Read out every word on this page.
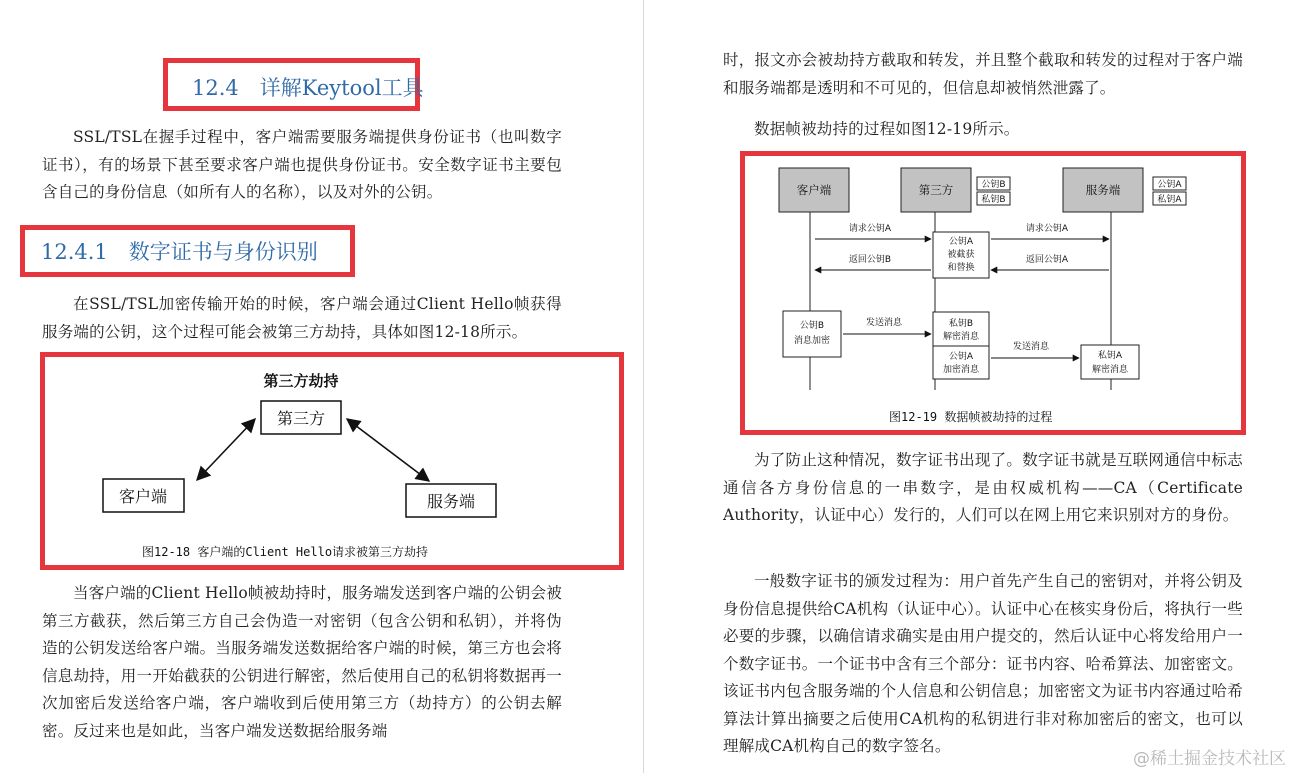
12.4　详解Keytool工具
SSL/TSL在握手过程中，客户端需要服务端提供身份证书（也叫数字证书），有的场景下甚至要求客户端也提供身份证书。安全数字证书主要包含自己的身份信息（如所有人的名称），以及对外的公钥。
12.4.1　数字证书与身份识别
在SSL/TSL加密传输开始的时候，客户端会通过Client Hello帧获得服务端的公钥，这个过程可能会被第三方劫持，具体如图12-18所示。
第三方劫持
第三方
客户端	服务端
图12-18 客户端的Client Hello请求被第三方劫持
当客户端的Client Hello帧被劫持时，服务端发送到客户端的公钥会被第三方截获，然后第三方自己会伪造一对密钥（包含公钥和私钥），并将伪造的公钥发送给客户端。当服务端发送数据给客户端的时候，第三方也会将信息劫持，用一开始截获的公钥进行解密，然后使用自己的私钥将数据再一次加密后发送给客户端，客户端收到后使用第三方（劫持方）的公钥去解密。反过来也是如此，当客户端发送数据给服务端
时，报文亦会被劫持方截取和转发，并且整个截取和转发的过程对于客户端和服务端都是透明和不可见的，但信息却被悄然泄露了。
数据帧被劫持的过程如图12-19所示。
客户端	第三方	服务端
公钥B
私钥B
公钥A
私钥A
公钥A
被截获
和替换
请求公钥A	请求公钥A
返回公钥B	返回公钥A
公钥B
消息加密
发送消息	私钥B
解密消息
公钥A
加密消息
发送消息
私钥A
解密消息
图12-19 数据帧被劫持的过程
为了防止这种情况，数字证书出现了。数字证书就是互联网通信中标志通信各方身份信息的一串数字，是由权威机构——CA（Certificate Authority，认证中心）发行的，人们可以在网上用它来识别对方的身份。
一般数字证书的颁发过程为：用户首先产生自己的密钥对，并将公钥及身份信息提供给CA机构（认证中心）。认证中心在核实身份后，将执行一些必要的步骤，以确信请求确实是由用户提交的，然后认证中心将发给用户一个数字证书。一个证书中含有三个部分：证书内容、哈希算法、加密密文。该证书内包含服务端的个人信息和公钥信息；加密密文为证书内容通过哈希算法计算出摘要之后使用CA机构的私钥进行非对称加密后的密文，也可以理解成CA机构自己的数字签名。
@稀土掘金技术社区
